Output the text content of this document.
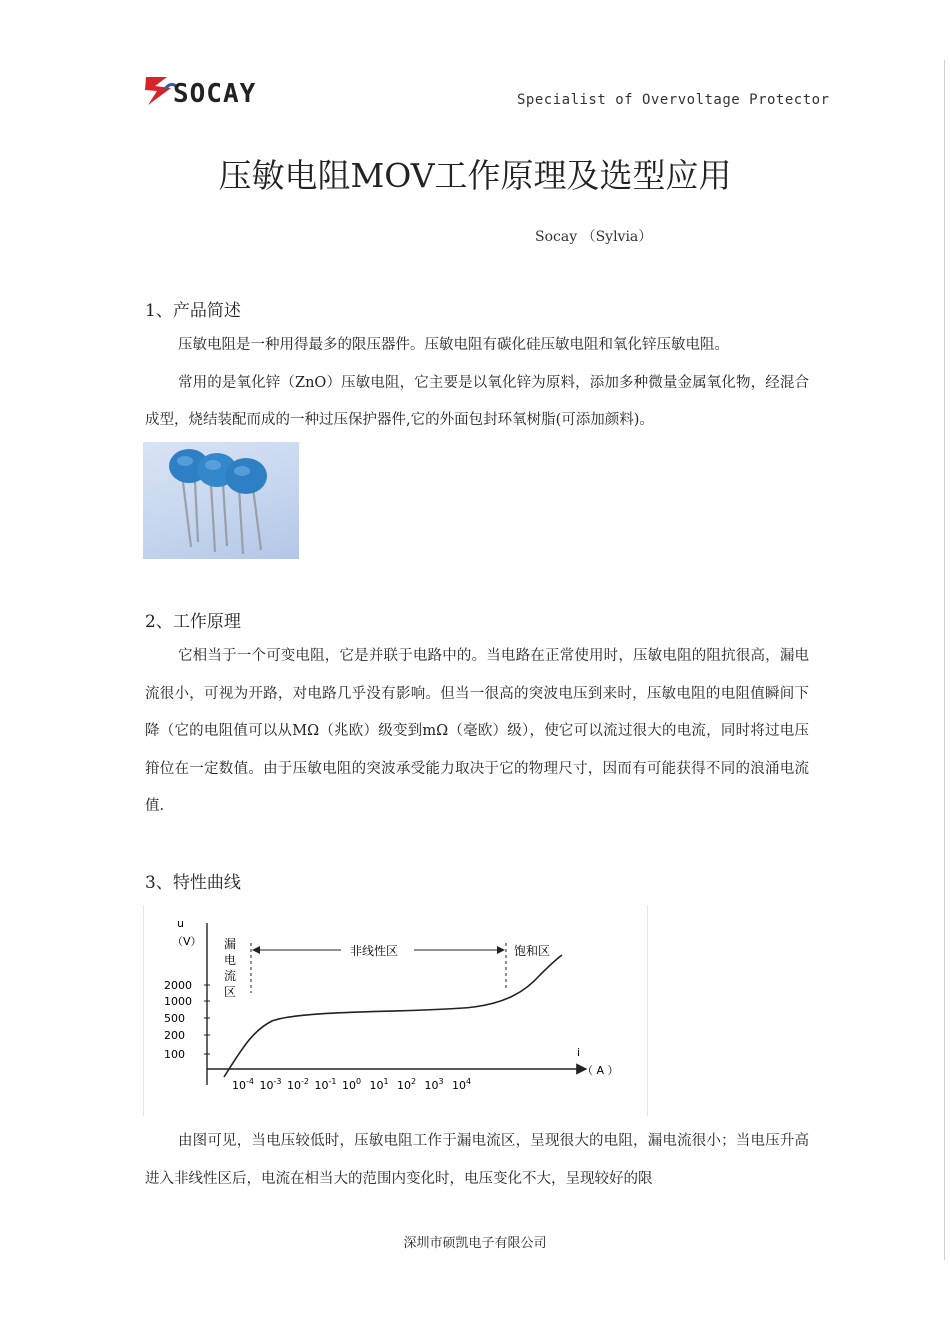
SOCAY	Specialist of Overvoltage Protector
压敏电阻MOV工作原理及选型应用
Socay （Sylvia）
1、产品简述

压敏电阻是一种用得最多的限压器件。压敏电阻有碳化硅压敏电阻和氧化锌压敏电阻。

常用的是氧化锌（ZnO）压敏电阻，它主要是以氧化锌为原料，添加多种微量金属氧化物，经混合成型，烧结装配而成的一种过压保护器件,它的外面包封环氧树脂(可添加颜料)。

2、工作原理

它相当于一个可变电阻，它是并联于电路中的。当电路在正常使用时，压敏电阻的阻抗很高，漏电流很小，可视为开路，对电路几乎没有影响。但当一很高的突波电压到来时，压敏电阻的电阻值瞬间下降（它的电阻值可以从MΩ（兆欧）级变到mΩ（毫欧）级），使它可以流过很大的电流，同时将过电压箝位在一定数值。由于压敏电阻的突波承受能力取决于它的物理尺寸，因而有可能获得不同的浪涌电流值.

3、特性曲线
u
（V）
2000
1000
500
200
100	i
（ A ）
$10^{-4}$ $10^{-3}$ $10^{-2}$ $10^{-1}$ $10^0$ $10^1$ $10^2$ $10^3$ $10^4$
非线性区	饱和区
漏电流区

由图可见，当电压较低时，压敏电阻工作于漏电流区，呈现很大的电阻，漏电流很小；当电压升高进入非线性区后，电流在相当大的范围内变化时，电压变化不大，呈现较好的限

深圳市硕凯电子有限公司
